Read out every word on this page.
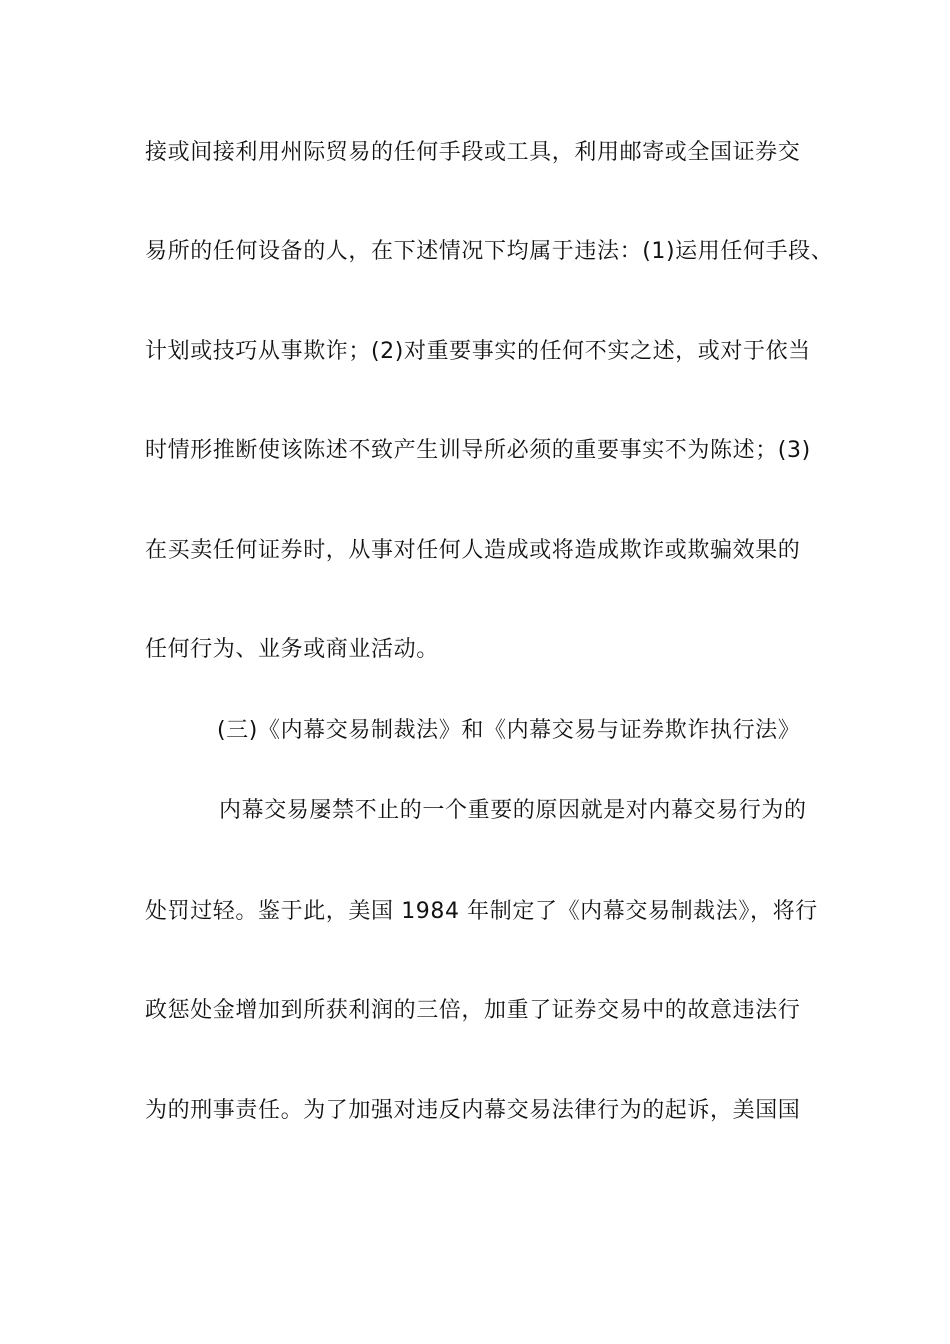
接或间接利用州际贸易的任何手段或工具，利用邮寄或全国证券交
易所的任何设备的人，在下述情况下均属于违法：(1)运用任何手段、
计划或技巧从事欺诈；(2)对重要事实的任何不实之述，或对于依当
时情形推断使该陈述不致产生训导所必须的重要事实不为陈述；(3)
在买卖任何证券时，从事对任何人造成或将造成欺诈或欺骗效果的
任何行为、业务或商业活动。
(三)《内幕交易制裁法》和《内幕交易与证券欺诈执行法》
内幕交易屡禁不止的一个重要的原因就是对内幕交易行为的
处罚过轻。鉴于此，美国 1984 年制定了《内幕交易制裁法》，将行
政惩处金增加到所获利润的三倍，加重了证券交易中的故意违法行
为的刑事责任。为了加强对违反内幕交易法律行为的起诉，美国国
